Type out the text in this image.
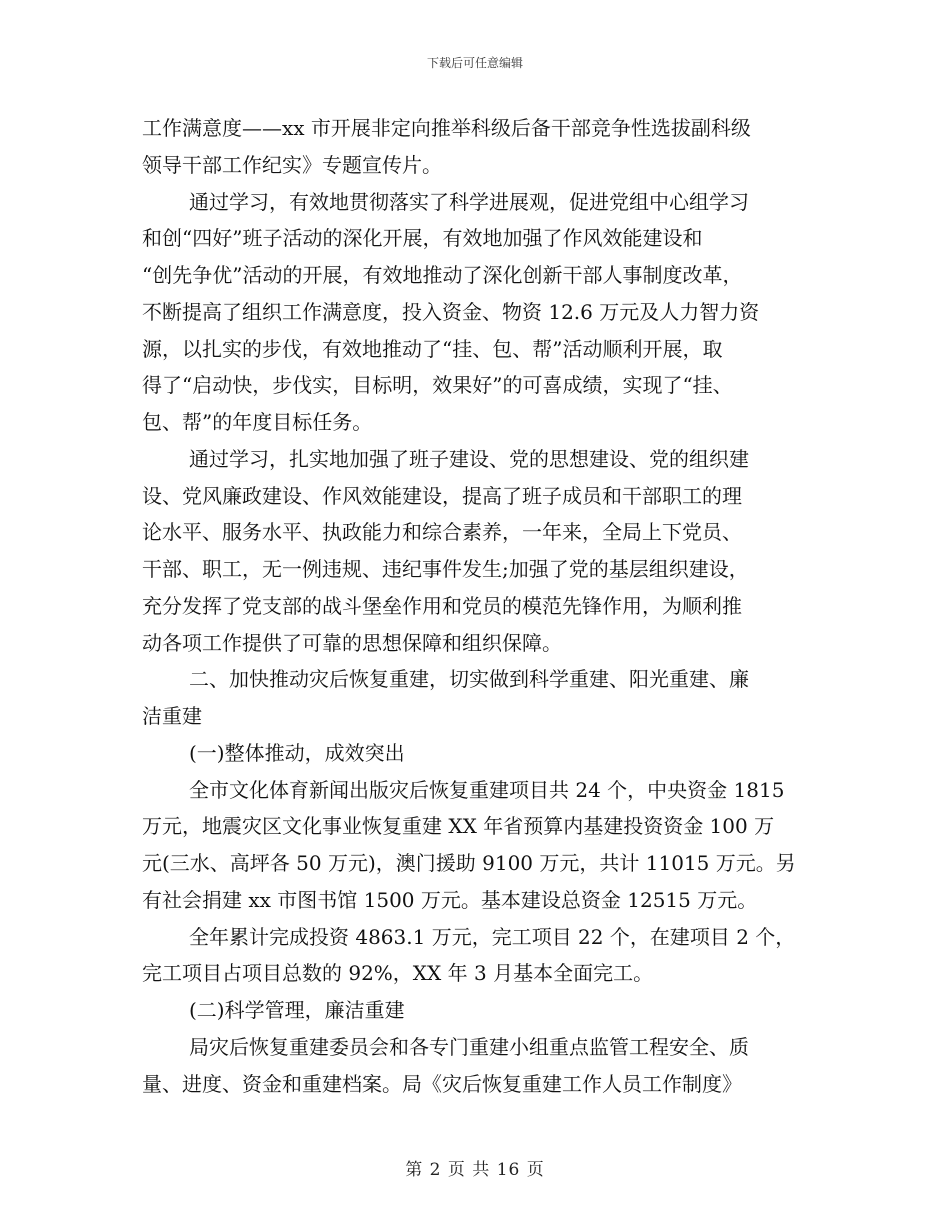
下载后可任意编辑
工作满意度——xx 市开展非定向推举科级后备干部竞争性选拔副科级
领导干部工作纪实》专题宣传片。
通过学习，有效地贯彻落实了科学进展观，促进党组中心组学习
和创“四好”班子活动的深化开展，有效地加强了作风效能建设和
“创先争优”活动的开展，有效地推动了深化创新干部人事制度改革，
不断提高了组织工作满意度，投入资金、物资 12.6 万元及人力智力资
源，以扎实的步伐，有效地推动了“挂、包、帮”活动顺利开展，取
得了“启动快，步伐实，目标明，效果好”的可喜成绩，实现了“挂、
包、帮”的年度目标任务。
通过学习，扎实地加强了班子建设、党的思想建设、党的组织建
设、党风廉政建设、作风效能建设，提高了班子成员和干部职工的理
论水平、服务水平、执政能力和综合素养，一年来，全局上下党员、
干部、职工，无一例违规、违纪事件发生;加强了党的基层组织建设，
充分发挥了党支部的战斗堡垒作用和党员的模范先锋作用，为顺利推
动各项工作提供了可靠的思想保障和组织保障。
二、加快推动灾后恢复重建，切实做到科学重建、阳光重建、廉
洁重建
(一)整体推动，成效突出
全市文化体育新闻出版灾后恢复重建项目共 24 个，中央资金 1815
万元，地震灾区文化事业恢复重建 XX 年省预算内基建投资资金 100 万
元(三水、高坪各 50 万元)，澳门援助 9100 万元，共计 11015 万元。另
有社会捐建 xx 市图书馆 1500 万元。基本建设总资金 12515 万元。
全年累计完成投资 4863.1 万元，完工项目 22 个，在建项目 2 个，
完工项目占项目总数的 92%，XX 年 3 月基本全面完工。
(二)科学管理，廉洁重建
局灾后恢复重建委员会和各专门重建小组重点监管工程安全、质
量、进度、资金和重建档案。局《灾后恢复重建工作人员工作制度》
第 2 页 共 16 页
